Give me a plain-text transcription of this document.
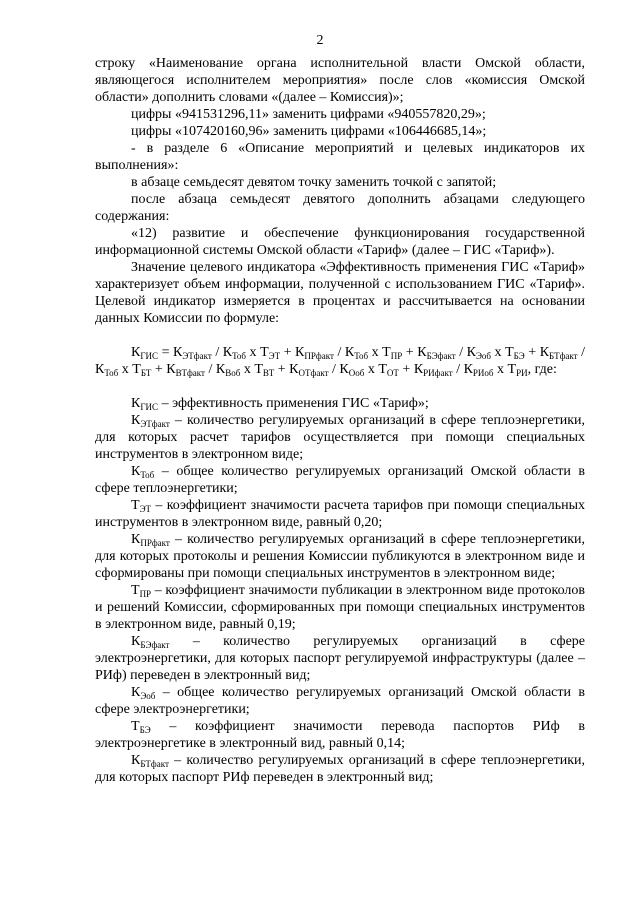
2

строку «Наименование органа исполнительной власти Омской области, являющегося исполнителем мероприятия» после слов «комиссия Омской области» дополнить словами «(далее – Комиссия)»;

цифры «941531296,11» заменить цифрами «940557820,29»;

цифры «107420160,96» заменить цифрами «106446685,14»;

- в разделе 6 «Описание мероприятий и целевых индикаторов их выполнения»:

в абзаце семьдесят девятом точку заменить точкой с запятой;

после абзаца семьдесят девятого дополнить абзацами следующего содержания:

«12) развитие и обеспечение функционирования государственной информационной системы Омской области «Тариф» (далее – ГИС «Тариф»).

Значение целевого индикатора «Эффективность применения ГИС «Тариф» характеризует объем информации, полученной с использованием ГИС «Тариф». Целевой индикатор измеряется в процентах и рассчитывается на основании данных Комиссии по формуле:

$К_{ГИС} = К_{ЭТфакт} / К_{Тоб}$ х $Т_{ЭТ} + К_{ПРфакт} / К_{Тоб}$ х $Т_{ПР} + К_{БЭфакт} / К_{Эоб}$ х $Т_{БЭ} + К_{БТфакт} / К_{Тоб}$ х $Т_{БТ} + К_{ВТфакт} / К_{Воб}$ х $Т_{ВТ} + К_{ОТфакт} / К_{Ооб}$ х $Т_{ОТ} + К_{РИфакт} / К_{РИоб}$ х $Т_{РИ}$, где:

$К_{ГИС}$ – эффективность применения ГИС «Тариф»;

$К_{ЭТфакт}$ – количество регулируемых организаций в сфере теплоэнергетики, для которых расчет тарифов осуществляется при помощи специальных инструментов в электронном виде;

$К_{Тоб}$ – общее количество регулируемых организаций Омской области в сфере теплоэнергетики;

$Т_{ЭТ}$ – коэффициент значимости расчета тарифов при помощи специальных инструментов в электронном виде, равный 0,20;

$К_{ПРфакт}$ – количество регулируемых организаций в сфере теплоэнергетики, для которых протоколы и решения Комиссии публикуются в электронном виде и сформированы при помощи специальных инструментов в электронном виде;

$Т_{ПР}$ – коэффициент значимости публикации в электронном виде протоколов и решений Комиссии, сформированных при помощи специальных инструментов в электронном виде, равный 0,19;

$К_{БЭфакт}$ – количество регулируемых организаций в сфере электроэнергетики, для которых паспорт регулируемой инфраструктуры (далее – РИф) переведен в электронный вид;

$К_{Эоб}$ – общее количество регулируемых организаций Омской области в сфере электроэнергетики;

$Т_{БЭ}$ – коэффициент значимости перевода паспортов РИф в электроэнергетике в электронный вид, равный 0,14;

$К_{БТфакт}$ – количество регулируемых организаций в сфере теплоэнергетики, для которых паспорт РИф переведен в электронный вид;
